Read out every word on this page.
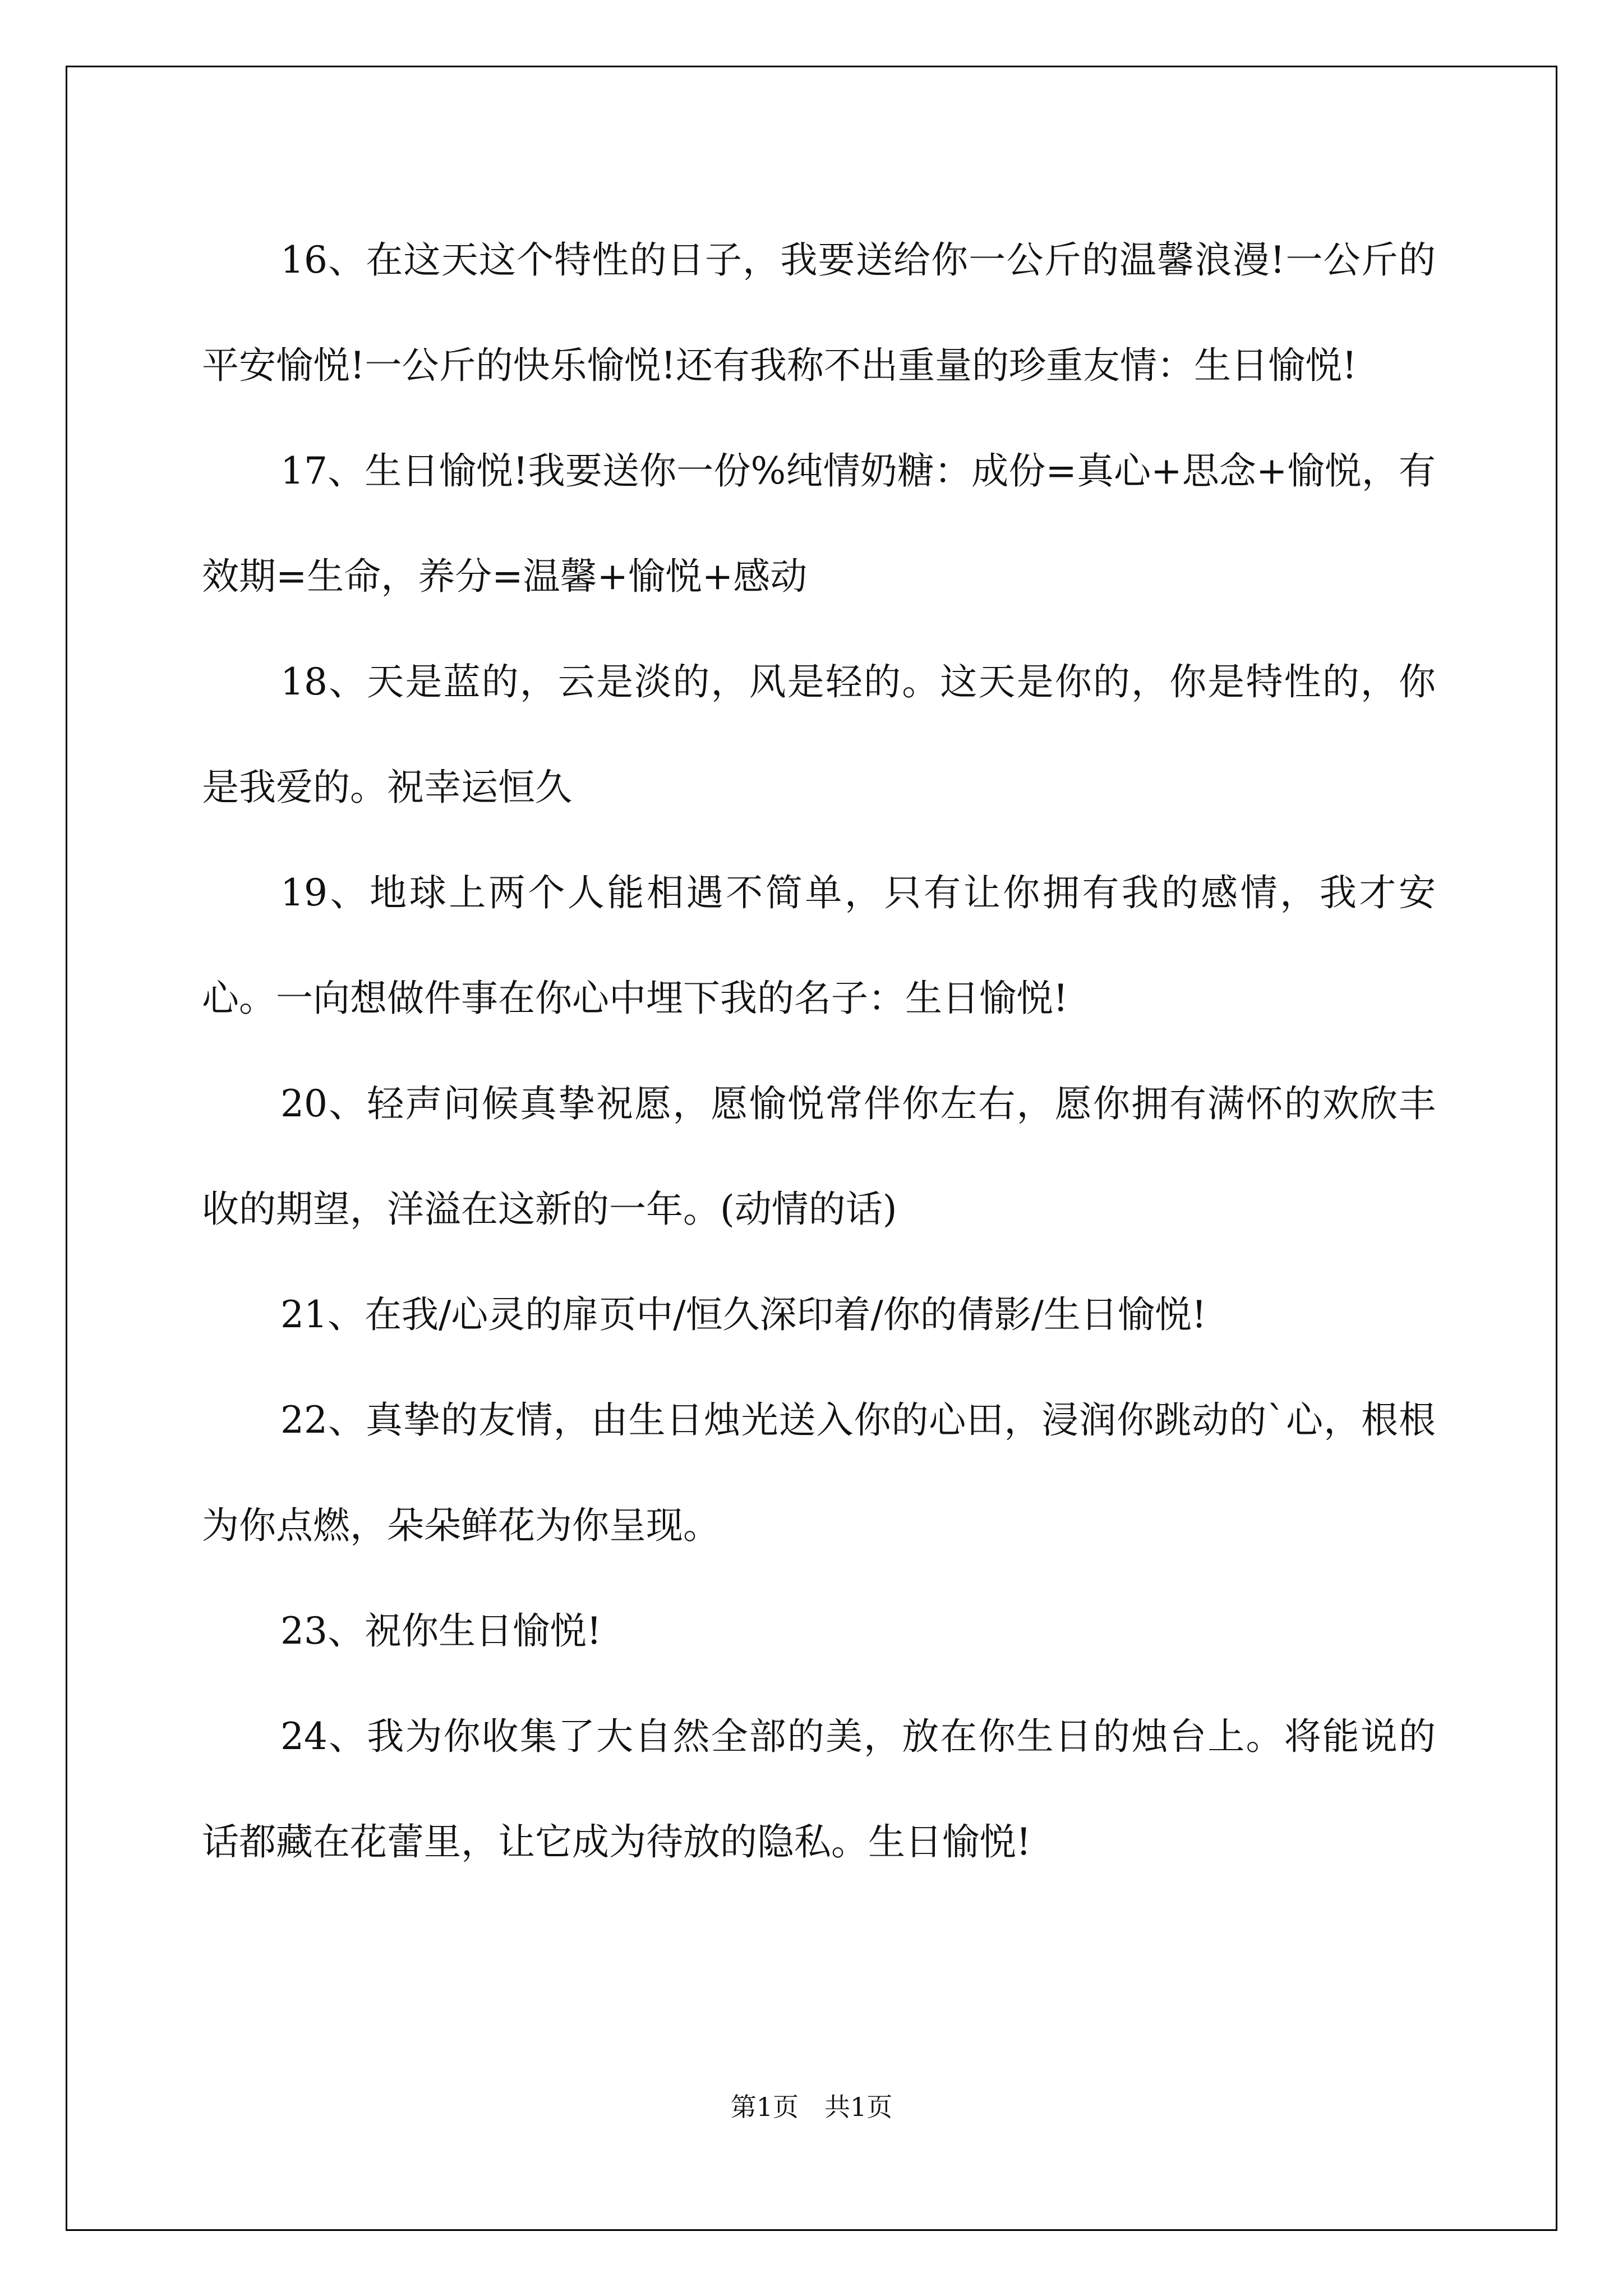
16、在这天这个特性的日子，我要送给你一公斤的温馨浪漫!一公斤的平安愉悦!一公斤的快乐愉悦!还有我称不出重量的珍重友情：生日愉悦!

17、生日愉悦!我要送你一份%纯情奶糖：成份=真心+思念+愉悦，有效期=生命，养分=温馨+愉悦+感动

18、天是蓝的，云是淡的，风是轻的。这天是你的，你是特性的，你是我爱的。祝幸运恒久

19、地球上两个人能相遇不简单，只有让你拥有我的感情，我才安心。一向想做件事在你心中埋下我的名子：生日愉悦!

20、轻声问候真挚祝愿，愿愉悦常伴你左右，愿你拥有满怀的欢欣丰收的期望，洋溢在这新的一年。(动情的话)

21、在我/心灵的扉页中/恒久深印着/你的倩影/生日愉悦!

22、真挚的友情，由生日烛光送入你的心田，浸润你跳动的`心，根根为你点燃，朵朵鲜花为你呈现。

23、祝你生日愉悦!

24、我为你收集了大自然全部的美，放在你生日的烛台上。将能说的话都藏在花蕾里，让它成为待放的隐私。生日愉悦!

第1页　共1页
